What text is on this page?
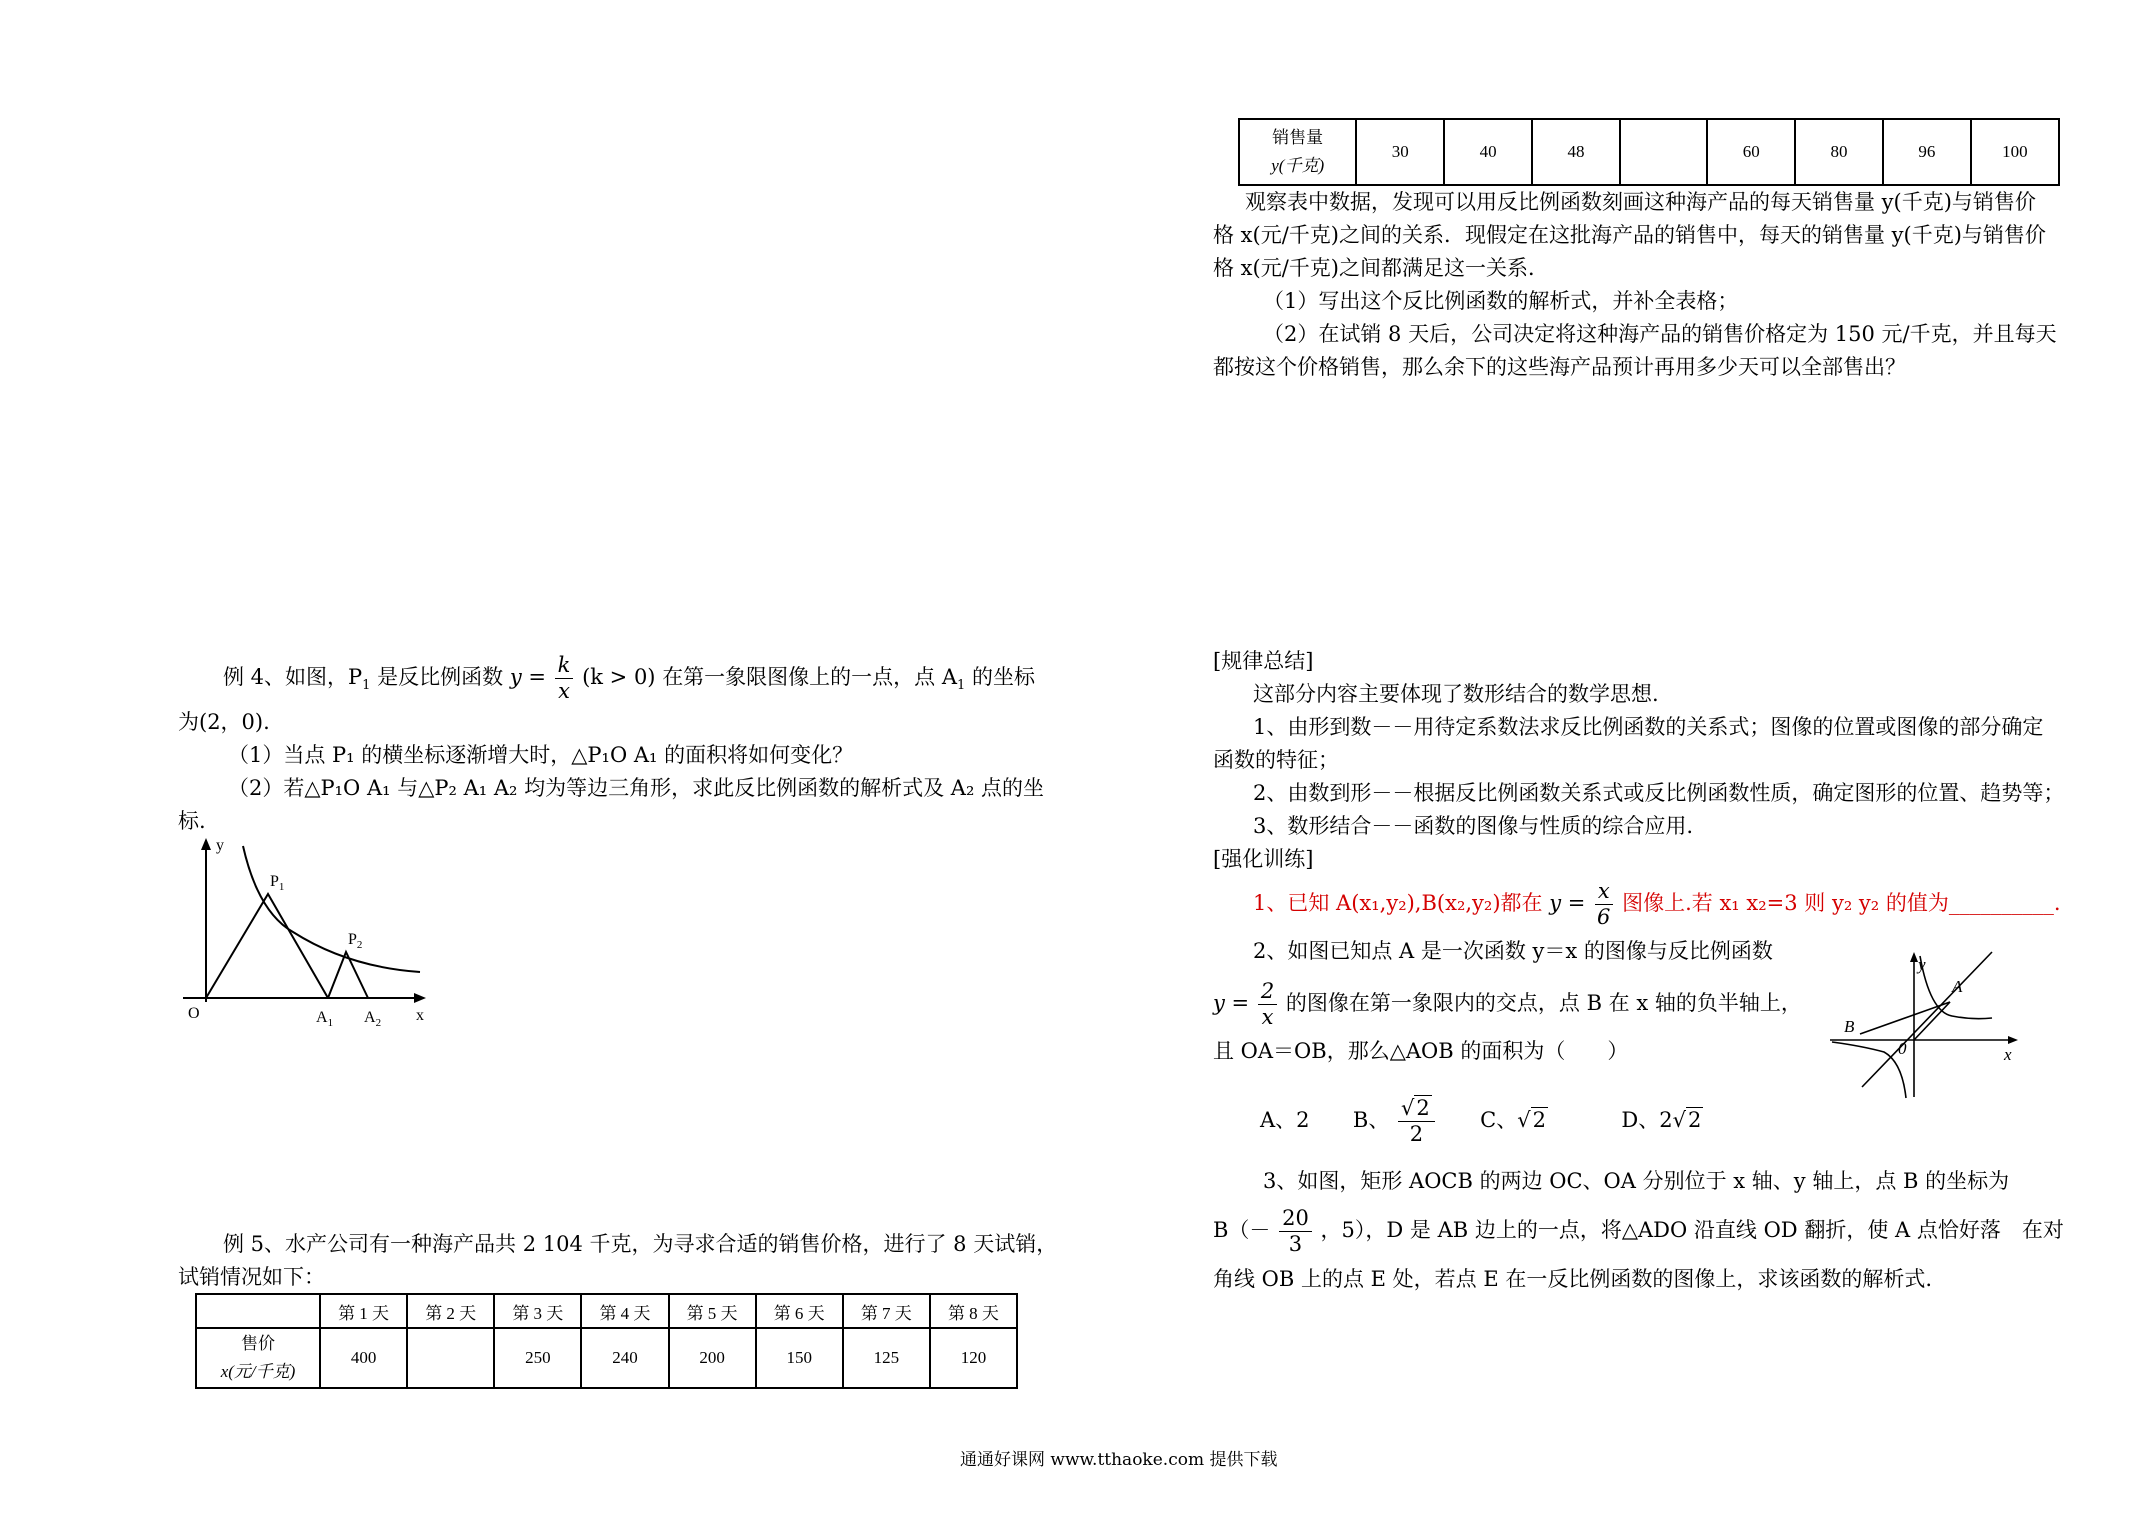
销售量
y(千克)
	30	40	48		60	80	96	100
观察表中数据，发现可以用反比例函数刻画这种海产品的每天销售量 y(千克)与销售价
格 x(元/千克)之间的关系．现假定在这批海产品的销售中，每天的销售量 y(千克)与销售价
格 x(元/千克)之间都满足这一关系．
（1）写出这个反比例函数的解析式，并补全表格；
（2）在试销 8 天后，公司决定将这种海产品的销售价格定为 150 元/千克，并且每天
都按这个价格销售，那么余下的这些海产品预计再用多少天可以全部售出？
例 4、如图，$P_1$ 是反比例函数 $y = \frac{k}{x} (k > 0)$ 在第一象限图像上的一点，点 $A_1$ 的坐标
为(2，0).
（1）当点 P₁ 的横坐标逐渐增大时，△P₁O A₁ 的面积将如何变化？
（2）若△P₁O A₁ 与△P₂ A₁ A₂ 均为等边三角形，求此反比例函数的解析式及 A₂ 点的坐
标.
y
x
O
$P_1$
$P_2$
$A_1$ $A_2$
例 5、水产公司有一种海产品共 2 104 千克，为寻求合适的销售价格，进行了 8 天试销，
试销情况如下：
	第 1 天	第 2 天	第 3 天	第 4 天	第 5 天	第 6 天	第 7 天	第 8 天

售价
x(元/千克)	400		250	240	200	150	125	120
[规律总结]
这部分内容主要体现了数形结合的数学思想.
1、由形到数－－用待定系数法求反比例函数的关系式；图像的位置或图像的部分确定
函数的特征；
2、由数到形－－根据反比例函数关系式或反比例函数性质，确定图形的位置、趋势等；
3、数形结合－－函数的图像与性质的综合应用.
[强化训练]
1、已知 A(x₁,y₂),B(x₂,y₂)都在 $y = \frac{x}{6}$ 图像上.若 x₁ x₂=3 则 y₂ y₂ 的值为__________.
2、如图已知点 A 是一次函数 y＝x 的图像与反比例函数
$y = \frac{2}{x}$ 的图像在第一象限内的交点，点 B 在 x 轴的负半轴上，
且 OA＝OB，那么△AOB 的面积为（　　）
A、2 B、 $\frac{√2}{2}$ C、√2	D、2√2
y
x
A
B
0
3、如图，矩形 AOCB 的两边 OC、OA 分别位于 x 轴、y 轴上，点 B 的坐标为
$B(- \frac{20}{3}$ ，5），D 是 AB 边上的一点，将△ADO 沿直线 OD 翻折，使 A 点恰好落　在对
角线 OB 上的点 E 处，若点 E 在一反比例函数的图像上，求该函数的解析式.
通通好课网 www.tthaoke.com 提供下载
